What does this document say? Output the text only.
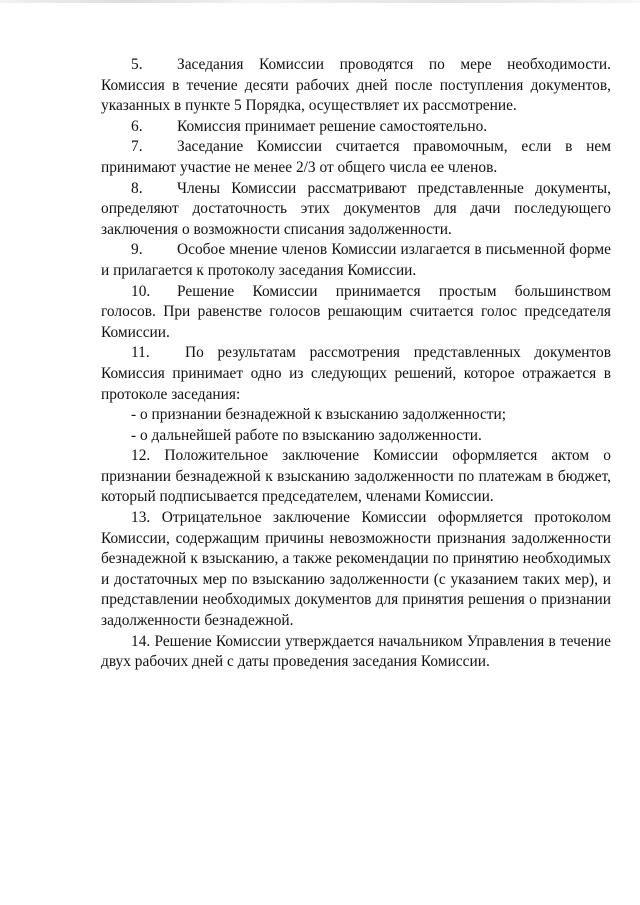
5. Заседания Комиссии проводятся по мере необходимости. Комиссия в течение десяти рабочих дней после поступления документов, указанных в пункте 5 Порядка, осуществляет их рассмотрение.

6. Комиссия принимает решение самостоятельно.

7. Заседание Комиссии считается правомочным, если в нем принимают участие не менее 2/3 от общего числа ее членов.

8. Члены Комиссии рассматривают представленные документы, определяют достаточность этих документов для дачи последующего заключения о возможности списания задолженности.

9. Особое мнение членов Комиссии излагается в письменной форме и прилагается к протоколу заседания Комиссии.

10. Решение Комиссии принимается простым большинством голосов. При равенстве голосов решающим считается голос председателя Комиссии.

11. По результатам рассмотрения представленных документов Комиссия принимает одно из следующих решений, которое отражается в протоколе заседания:

- о признании безнадежной к взысканию задолженности;

- о дальнейшей работе по взысканию задолженности.

12. Положительное заключение Комиссии оформляется актом о признании безнадежной к взысканию задолженности по платежам в бюджет, который подписывается председателем, членами Комиссии.

13. Отрицательное заключение Комиссии оформляется протоколом Комиссии, содержащим причины невозможности признания задолженности безнадежной к взысканию, а также рекомендации по принятию необходимых и достаточных мер по взысканию задолженности (с указанием таких мер), и представлении необходимых документов для принятия решения о признании задолженности безнадежной.

14. Решение Комиссии утверждается начальником Управления в течение двух рабочих дней с даты проведения заседания Комиссии.
